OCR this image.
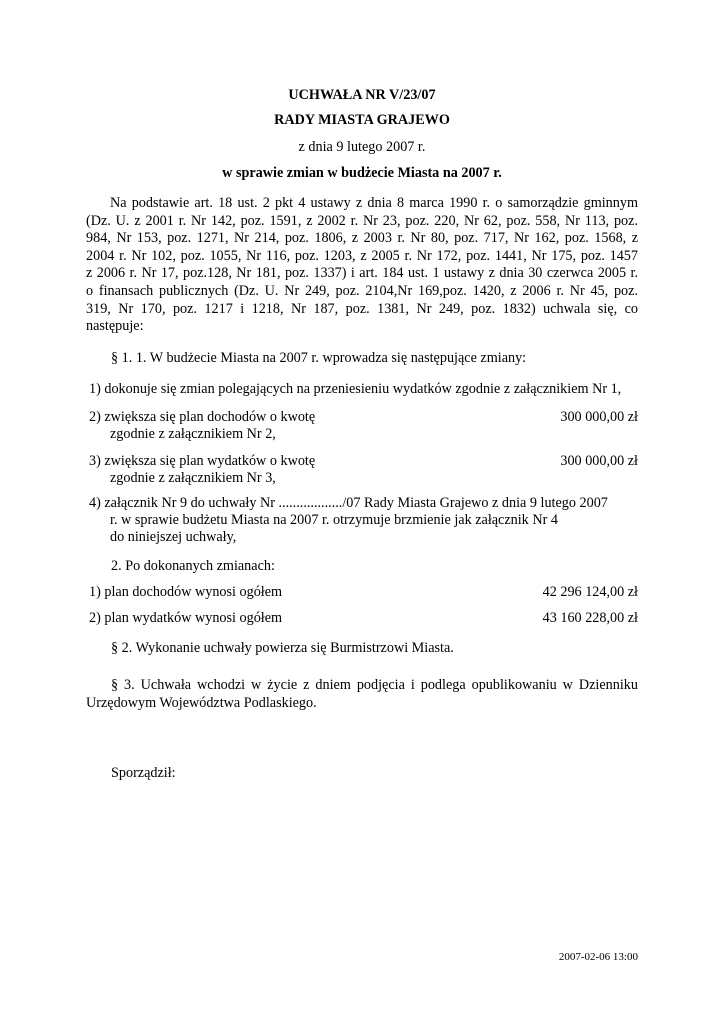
UCHWAŁA NR V/23/07
RADY MIASTA GRAJEWO
z dnia 9 lutego 2007 r.
w sprawie zmian w budżecie Miasta na 2007 r.
Na podstawie art. 18 ust. 2 pkt 4 ustawy z dnia 8 marca 1990 r. o samorządzie gminnym
(Dz. U. z 2001 r. Nr 142, poz. 1591, z 2002 r. Nr 23, poz. 220, Nr 62, poz. 558, Nr 113, poz.
984, Nr 153, poz. 1271, Nr 214, poz. 1806, z 2003 r. Nr 80, poz. 717, Nr 162, poz. 1568, z
2004 r. Nr 102, poz. 1055, Nr 116, poz. 1203, z 2005 r. Nr 172, poz. 1441, Nr 175, poz. 1457
z 2006 r. Nr 17, poz.128, Nr 181, poz. 1337) i art. 184 ust. 1 ustawy z dnia 30 czerwca 2005 r.
o finansach publicznych (Dz. U. Nr 249, poz. 2104,Nr 169,poz. 1420, z 2006 r. Nr 45, poz.
319, Nr 170, poz. 1217 i 1218, Nr 187, poz. 1381, Nr 249, poz. 1832) uchwala się, co
następuje:
§ 1. 1. W budżecie Miasta na 2007 r. wprowadza się następujące zmiany:
1) dokonuje się zmian polegających na przeniesieniu wydatków zgodnie z załącznikiem Nr 1,
2) zwiększa się plan dochodów o kwotę	300 000,00 zł
zgodnie z załącznikiem Nr 2,
3) zwiększa się plan wydatków o kwotę	300 000,00 zł
zgodnie z załącznikiem Nr 3,
4) załącznik Nr 9 do uchwały Nr ................../07 Rady Miasta Grajewo z dnia 9 lutego 2007
r. w sprawie budżetu Miasta na 2007 r. otrzymuje brzmienie jak załącznik Nr 4
do niniejszej uchwały,
2. Po dokonanych zmianach:
1) plan dochodów wynosi ogółem	42 296 124,00 zł
2) plan wydatków wynosi ogółem	43 160 228,00 zł
§ 2. Wykonanie uchwały powierza się Burmistrzowi Miasta.
§ 3. Uchwała wchodzi w życie z dniem podjęcia i podlega opublikowaniu w Dzienniku
Urzędowym Województwa Podlaskiego.
Sporządził:
2007-02-06 13:00
